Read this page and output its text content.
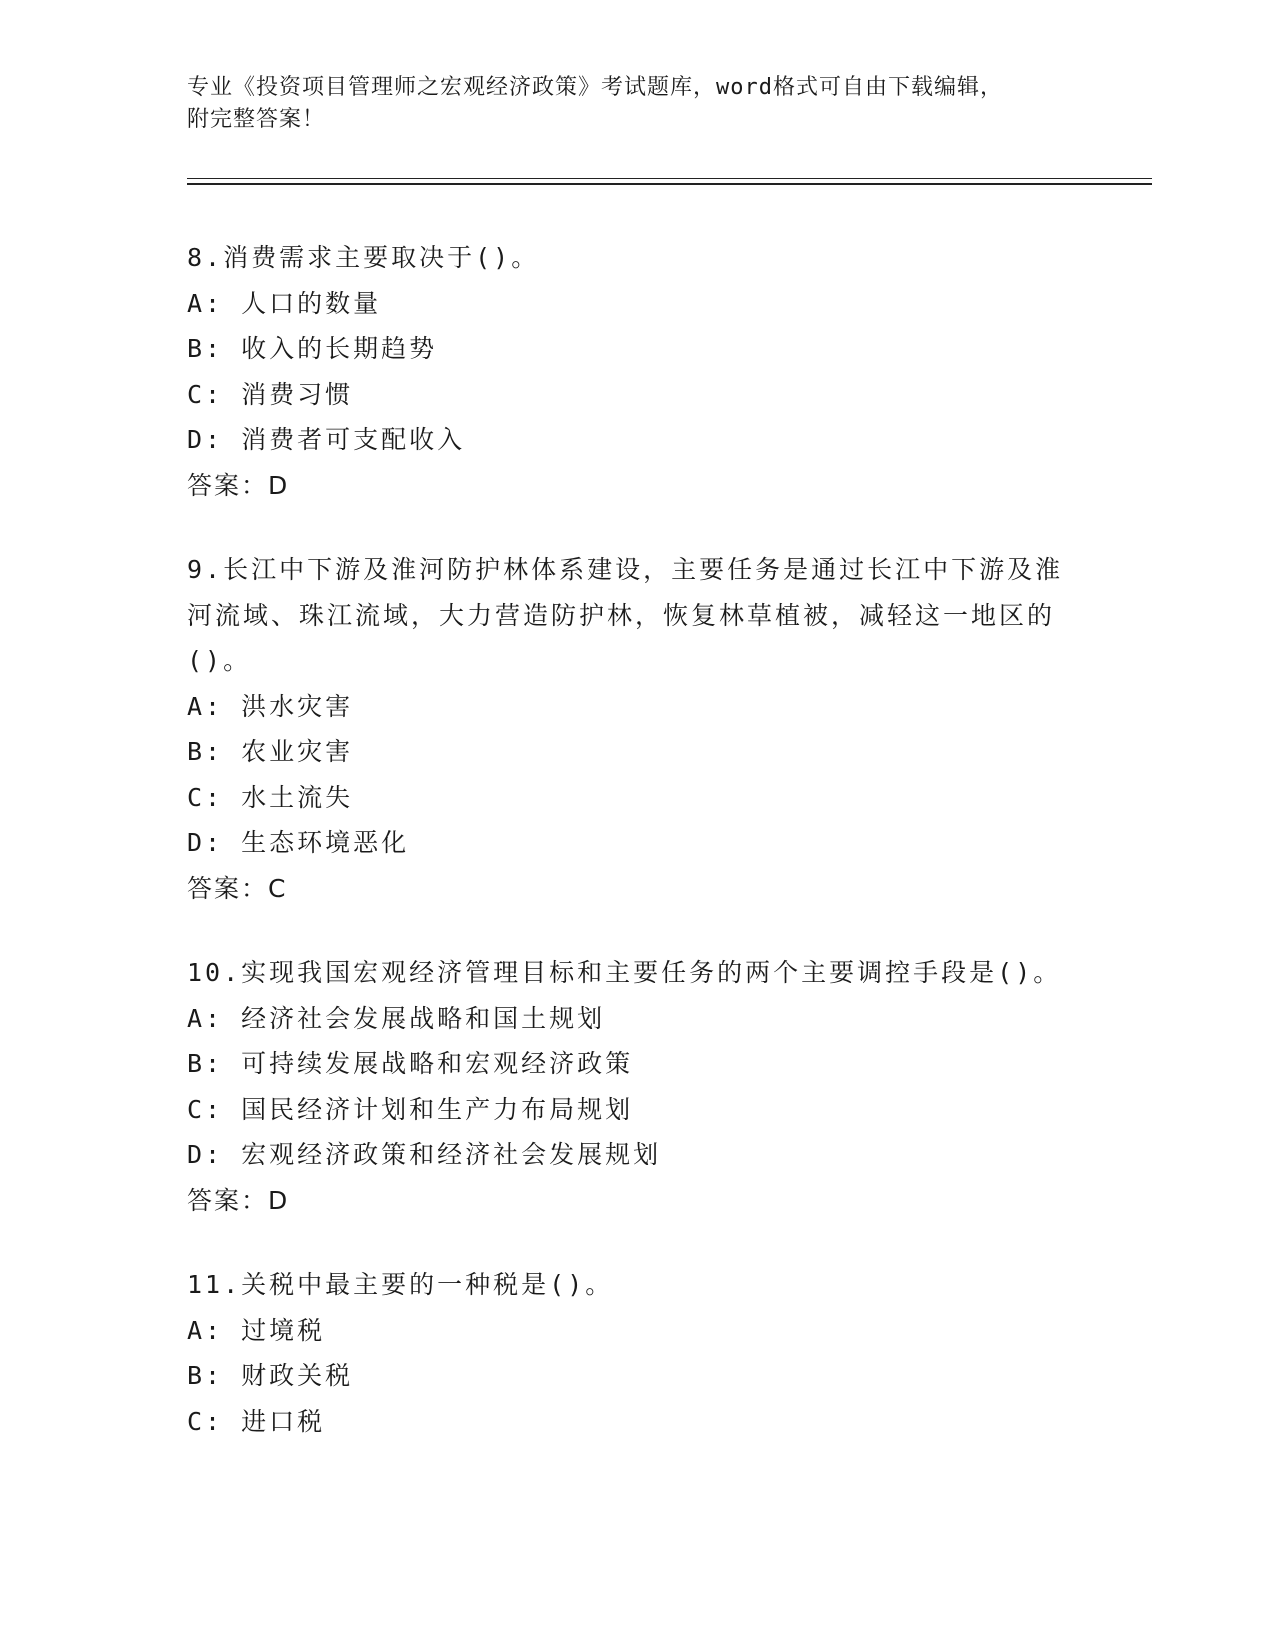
专业《投资项目管理师之宏观经济政策》考试题库，word格式可自由下载编辑，
附完整答案！
8.消费需求主要取决于()。
A: 人口的数量
B: 收入的长期趋势
C: 消费习惯
D: 消费者可支配收入
答案：D
9.长江中下游及淮河防护林体系建设，主要任务是通过长江中下游及淮河流域、珠江流域，大力营造防护林，恢复林草植被，减轻这一地区的()。
A: 洪水灾害
B: 农业灾害
C: 水土流失
D: 生态环境恶化
答案：C
10.实现我国宏观经济管理目标和主要任务的两个主要调控手段是()。
A: 经济社会发展战略和国土规划
B: 可持续发展战略和宏观经济政策
C: 国民经济计划和生产力布局规划
D: 宏观经济政策和经济社会发展规划
答案：D
11.关税中最主要的一种税是()。
A: 过境税
B: 财政关税
C: 进口税
